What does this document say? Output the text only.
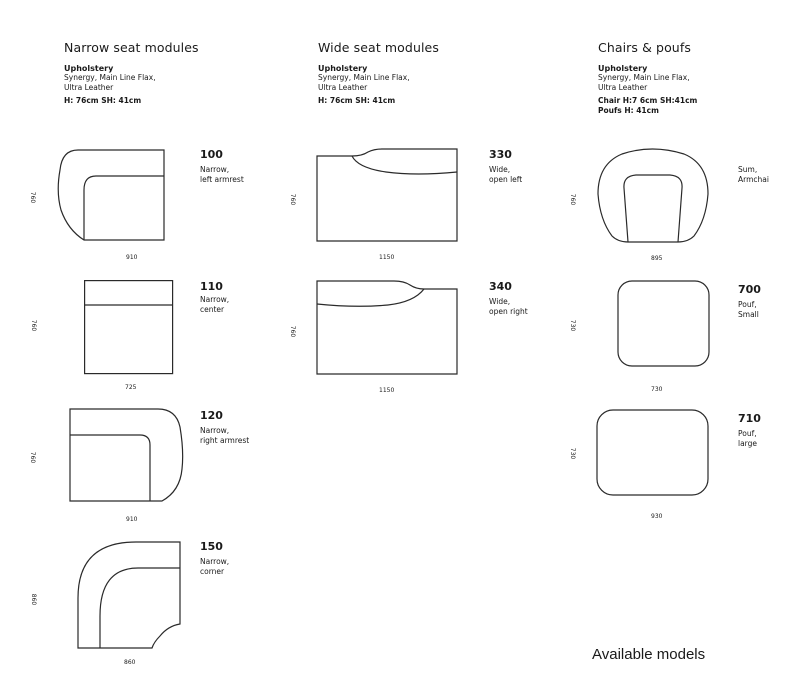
Narrow seat modules
Upholstery
Synergy, Main Line Flax,
Ultra Leather
H: 76cm SH: 41cm
Wide seat modules
Upholstery
Synergy, Main Line Flax,
Ultra Leather
H: 76cm SH: 41cm
Chairs & poufs
Upholstery
Synergy, Main Line Flax,
Ultra Leather
Chair H:7 6cm SH:41cm
Poufs H: 41cm
100
Narrow,
left armrest
910
760
110
Narrow,
center
725
760
120
Narrow,
right armrest
910
760
150
Narrow,
corner
860
860
330
Wide,
open left
1150
760
340
Wide,
open right
1150
760
Sum,
Armchai
895
760
700
Pouf,
Small
730
730
710
Pouf,
large
930
730
Available models
